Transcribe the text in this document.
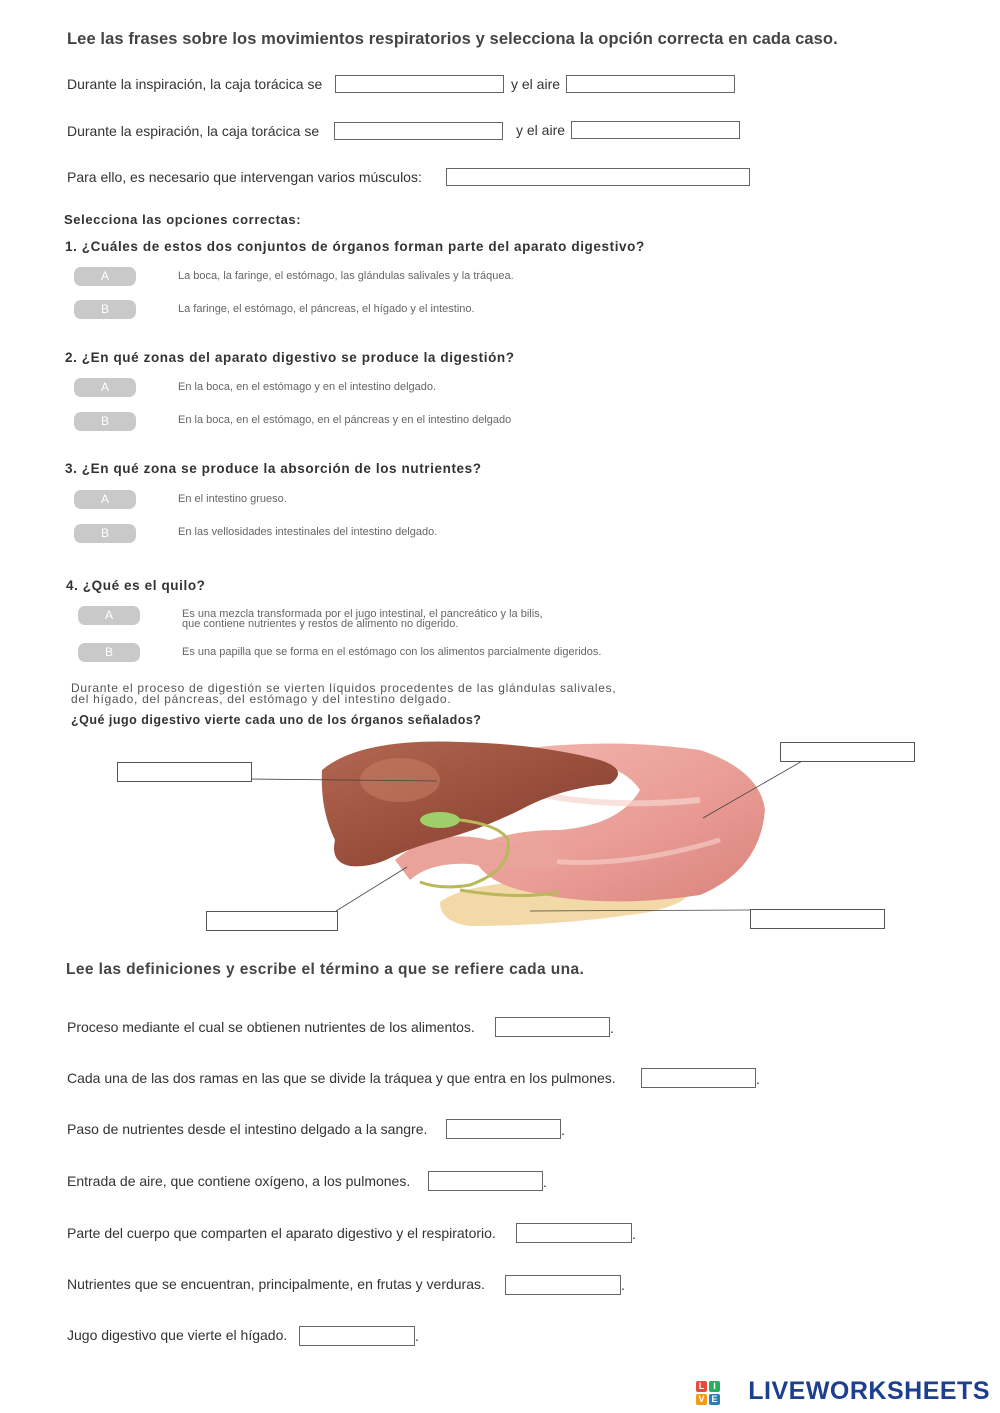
Lee las frases sobre los movimientos respiratorios y selecciona la opción correcta en cada caso.
Durante la inspiración, la caja torácica se	y el aire
Durante la espiración, la caja torácica se	y el aire
Para ello, es necesario que intervengan varios músculos:
Selecciona las opciones correctas:
1. ¿Cuáles de estos dos conjuntos de órganos forman parte del aparato digestivo?
A	La boca, la faringe, el estómago, las glándulas salivales y la tráquea.
B	La faringe, el estómago, el páncreas, el hígado y el intestino.
2. ¿En qué zonas del aparato digestivo se produce la digestión?
A	En la boca, en el estómago y en el intestino delgado.
B	En la boca, en el estómago, en el páncreas y en el intestino delgado
3. ¿En qué zona se produce la absorción de los nutrientes?
A	En el intestino grueso.
B	En las vellosidades intestinales del intestino delgado.
4. ¿Qué es el quilo?
A	Es una mezcla transformada por el jugo intestinal, el pancreático y la bilis,
que contiene nutrientes y restos de alimento no digerido.
B	Es una papilla que se forma en el estómago con los alimentos parcialmente digeridos.
Durante el proceso de digestión se vierten líquidos procedentes de las glándulas salivales,
del hígado, del páncreas, del estómago y del intestino delgado.
¿Qué jugo digestivo vierte cada uno de los órganos señalados?
Lee las definiciones y escribe el término a que se refiere cada una.
Proceso mediante el cual se obtienen nutrientes de los alimentos.	.
Cada una de las dos ramas en las que se divide la tráquea y que entra en los pulmones.	.
Paso de nutrientes desde el intestino delgado a la sangre.	.
Entrada de aire, que contiene oxígeno, a los pulmones.	.
Parte del cuerpo que comparten el aparato digestivo y el respiratorio.	.
Nutrientes que se encuentran, principalmente, en frutas y verduras.	.
Jugo digestivo que vierte el hígado.	.
L I
V E LIVEWORKSHEETS
